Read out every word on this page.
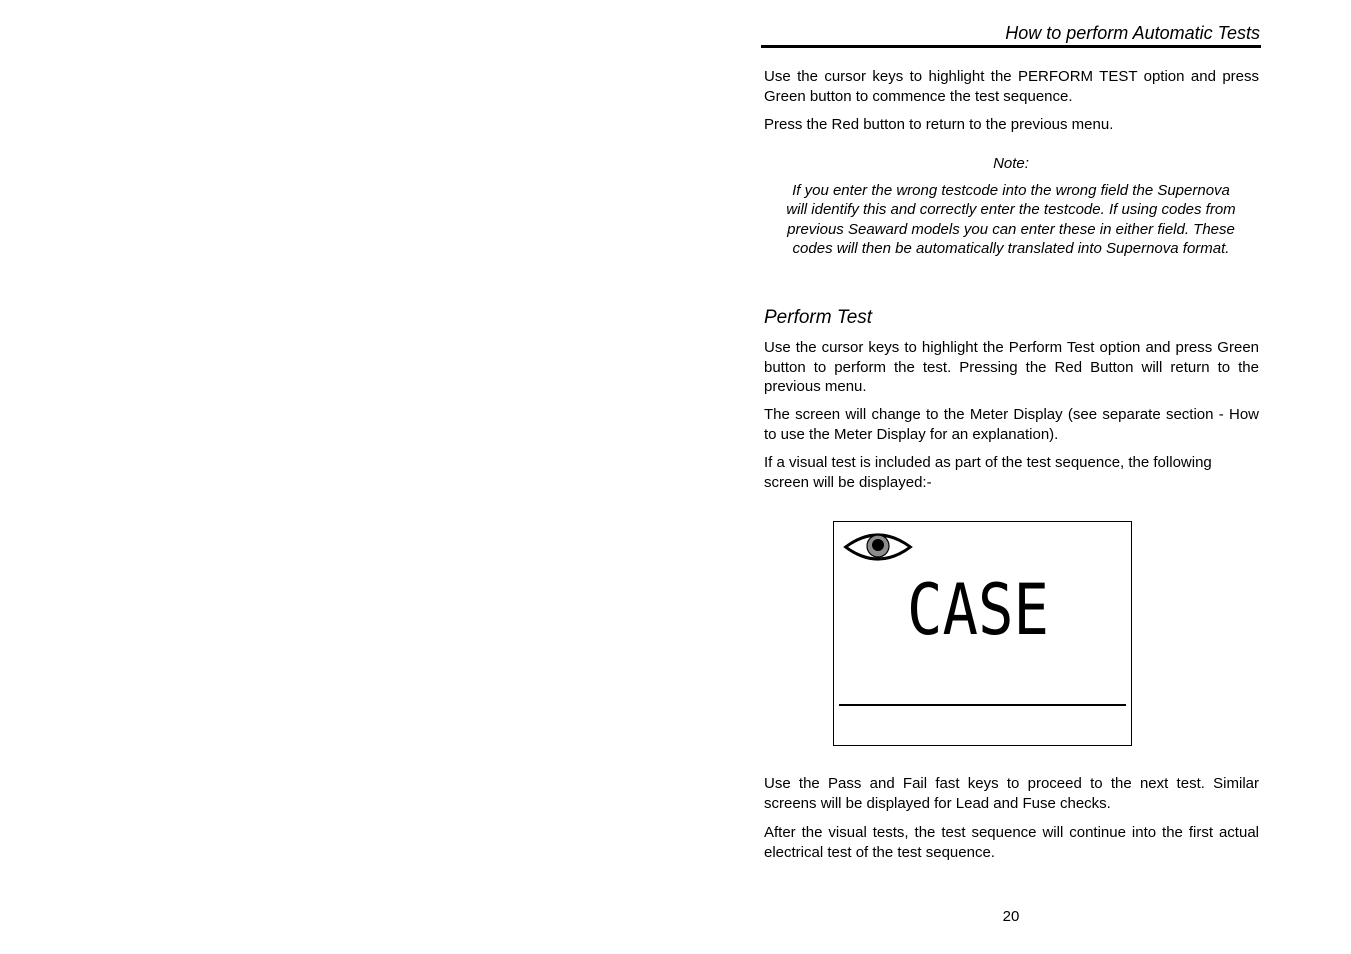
How to perform Automatic Tests

Use the cursor keys to highlight the PERFORM TEST option and press Green button to commence the test sequence.

Press the Red button to return to the previous menu.

Note:

If you enter the wrong testcode into the wrong field the Supernova will identify this and correctly enter the testcode. If using codes from previous Seaward models you can enter these in either field. These codes will then be automatically translated into Supernova format.

Perform Test

Use the cursor keys to highlight the Perform Test option and press Green button to perform the test. Pressing the Red Button will return to the previous menu.

The screen will change to the Meter Display (see separate section - How to use the Meter Display for an explanation).

If a visual test is included as part of the test sequence, the following screen will be displayed:-

CASE

Use the Pass and Fail fast keys to proceed to the next test. Similar screens will be displayed for Lead and Fuse checks.

After the visual tests, the test sequence will continue into the first actual electrical test of the test sequence.

20
